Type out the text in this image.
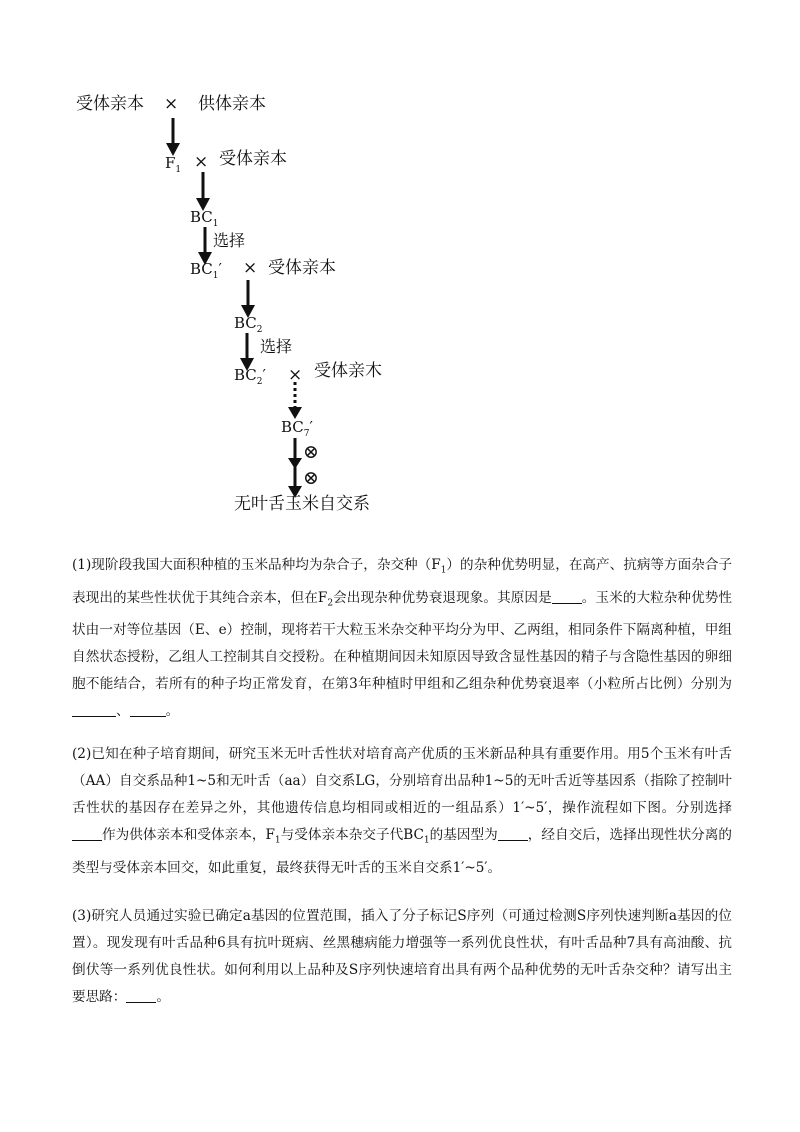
受体亲本 × 供体亲本
$F_1$ × 受体亲本
$BC_1$
选择
$BC_1'$ × 受体亲本
$BC_2$
选择
$BC_2'$ × 受体亲木
$BC_7'$
⊗
⊗
无叶舌玉米自交系
(1)现阶段我国大面积种植的玉米品种均为杂合子，杂交种$(F_1)$的杂种优势明显，在高产、抗病等方面杂合子表现出的某些性状优于其纯合亲本，但在$F_2$会出现杂种优势衰退现象。其原因是 。玉米的大粒杂种优势性状由一对等位基因（E、e）控制，现将若干大粒玉米杂交种平均分为甲、乙两组，相同条件下隔离种植，甲组自然状态授粉，乙组人工控制其自交授粉。在种植期间因未知原因导致含显性基因的精子与含隐性基因的卵细胞不能结合，若所有的种子均正常发育，在第3年种植时甲组和乙组杂种优势衰退率（小粒所占比例）分别为、	。
(2)已知在种子培育期间，研究玉米无叶舌性状对培育高产优质的玉米新品种具有重要作用。用5个玉米有叶舌（AA）自交系品种1~5和无叶舌（aa）自交系LG，分别培育出品种1~5的无叶舌近等基因系（指除了控制叶舌性状的基因存在差异之外，其他遗传信息均相同或相近的一组品系）1′~5′，操作流程如下图。分别选择作为供体亲本和受体亲本，$F_1$与受体亲本杂交子代$BC_1$的基因型为 ，经自交后，选择出现性状分离的类型与受体亲本回交，如此重复，最终获得无叶舌的玉米自交系1′~5′。
(3)研究人员通过实验已确定a基因的位置范围，插入了分子标记S序列（可通过检测S序列快速判断a基因的位置）。现发现有叶舌品种6具有抗叶斑病、丝黑穗病能力增强等一系列优良性状，有叶舌品种7具有高油酸、抗倒伏等一系列优良性状。如何利用以上品种及S序列快速培育出具有两个品种优势的无叶舌杂交种？请写出主要思路： 。
